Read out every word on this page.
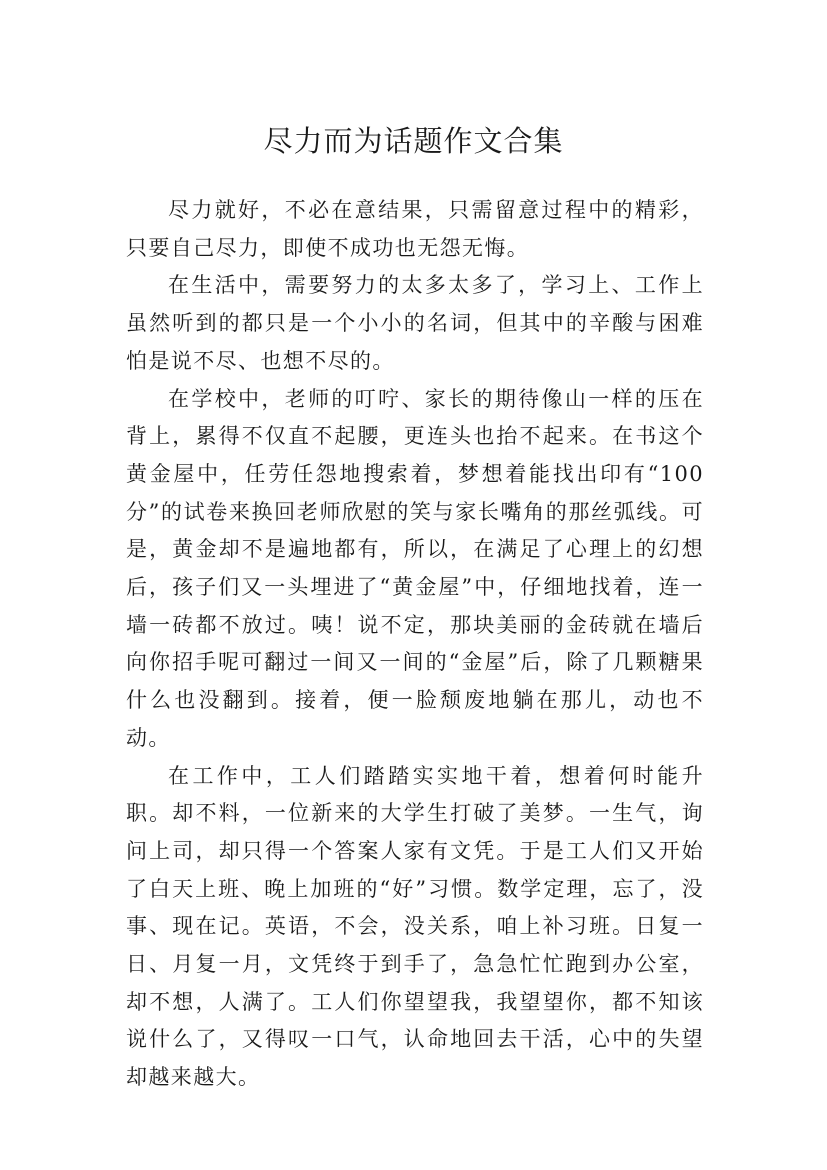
尽力而为话题作文合集

尽力就好，不必在意结果，只需留意过程中的精彩，只要自己尽力，即使不成功也无怨无悔。

在生活中，需要努力的太多太多了，学习上、工作上虽然听到的都只是一个小小的名词，但其中的辛酸与困难怕是说不尽、也想不尽的。

在学校中，老师的叮咛、家长的期待像山一样的压在背上，累得不仅直不起腰，更连头也抬不起来。在书这个黄金屋中，任劳任怨地搜索着，梦想着能找出印有“100分”的试卷来换回老师欣慰的笑与家长嘴角的那丝弧线。可是，黄金却不是遍地都有，所以，在满足了心理上的幻想后，孩子们又一头埋进了“黄金屋”中，仔细地找着，连一墙一砖都不放过。咦！说不定，那块美丽的金砖就在墙后向你招手呢可翻过一间又一间的“金屋”后，除了几颗糖果什么也没翻到。接着，便一脸颓废地躺在那儿，动也不动。

在工作中，工人们踏踏实实地干着，想着何时能升职。却不料，一位新来的大学生打破了美梦。一生气，询问上司，却只得一个答案人家有文凭。于是工人们又开始了白天上班、晚上加班的“好”习惯。数学定理，忘了，没事、现在记。英语，不会，没关系，咱上补习班。日复一日、月复一月，文凭终于到手了，急急忙忙跑到办公室，却不想，人满了。工人们你望望我，我望望你，都不知该说什么了，又得叹一口气，认命地回去干活，心中的失望却越来越大。
